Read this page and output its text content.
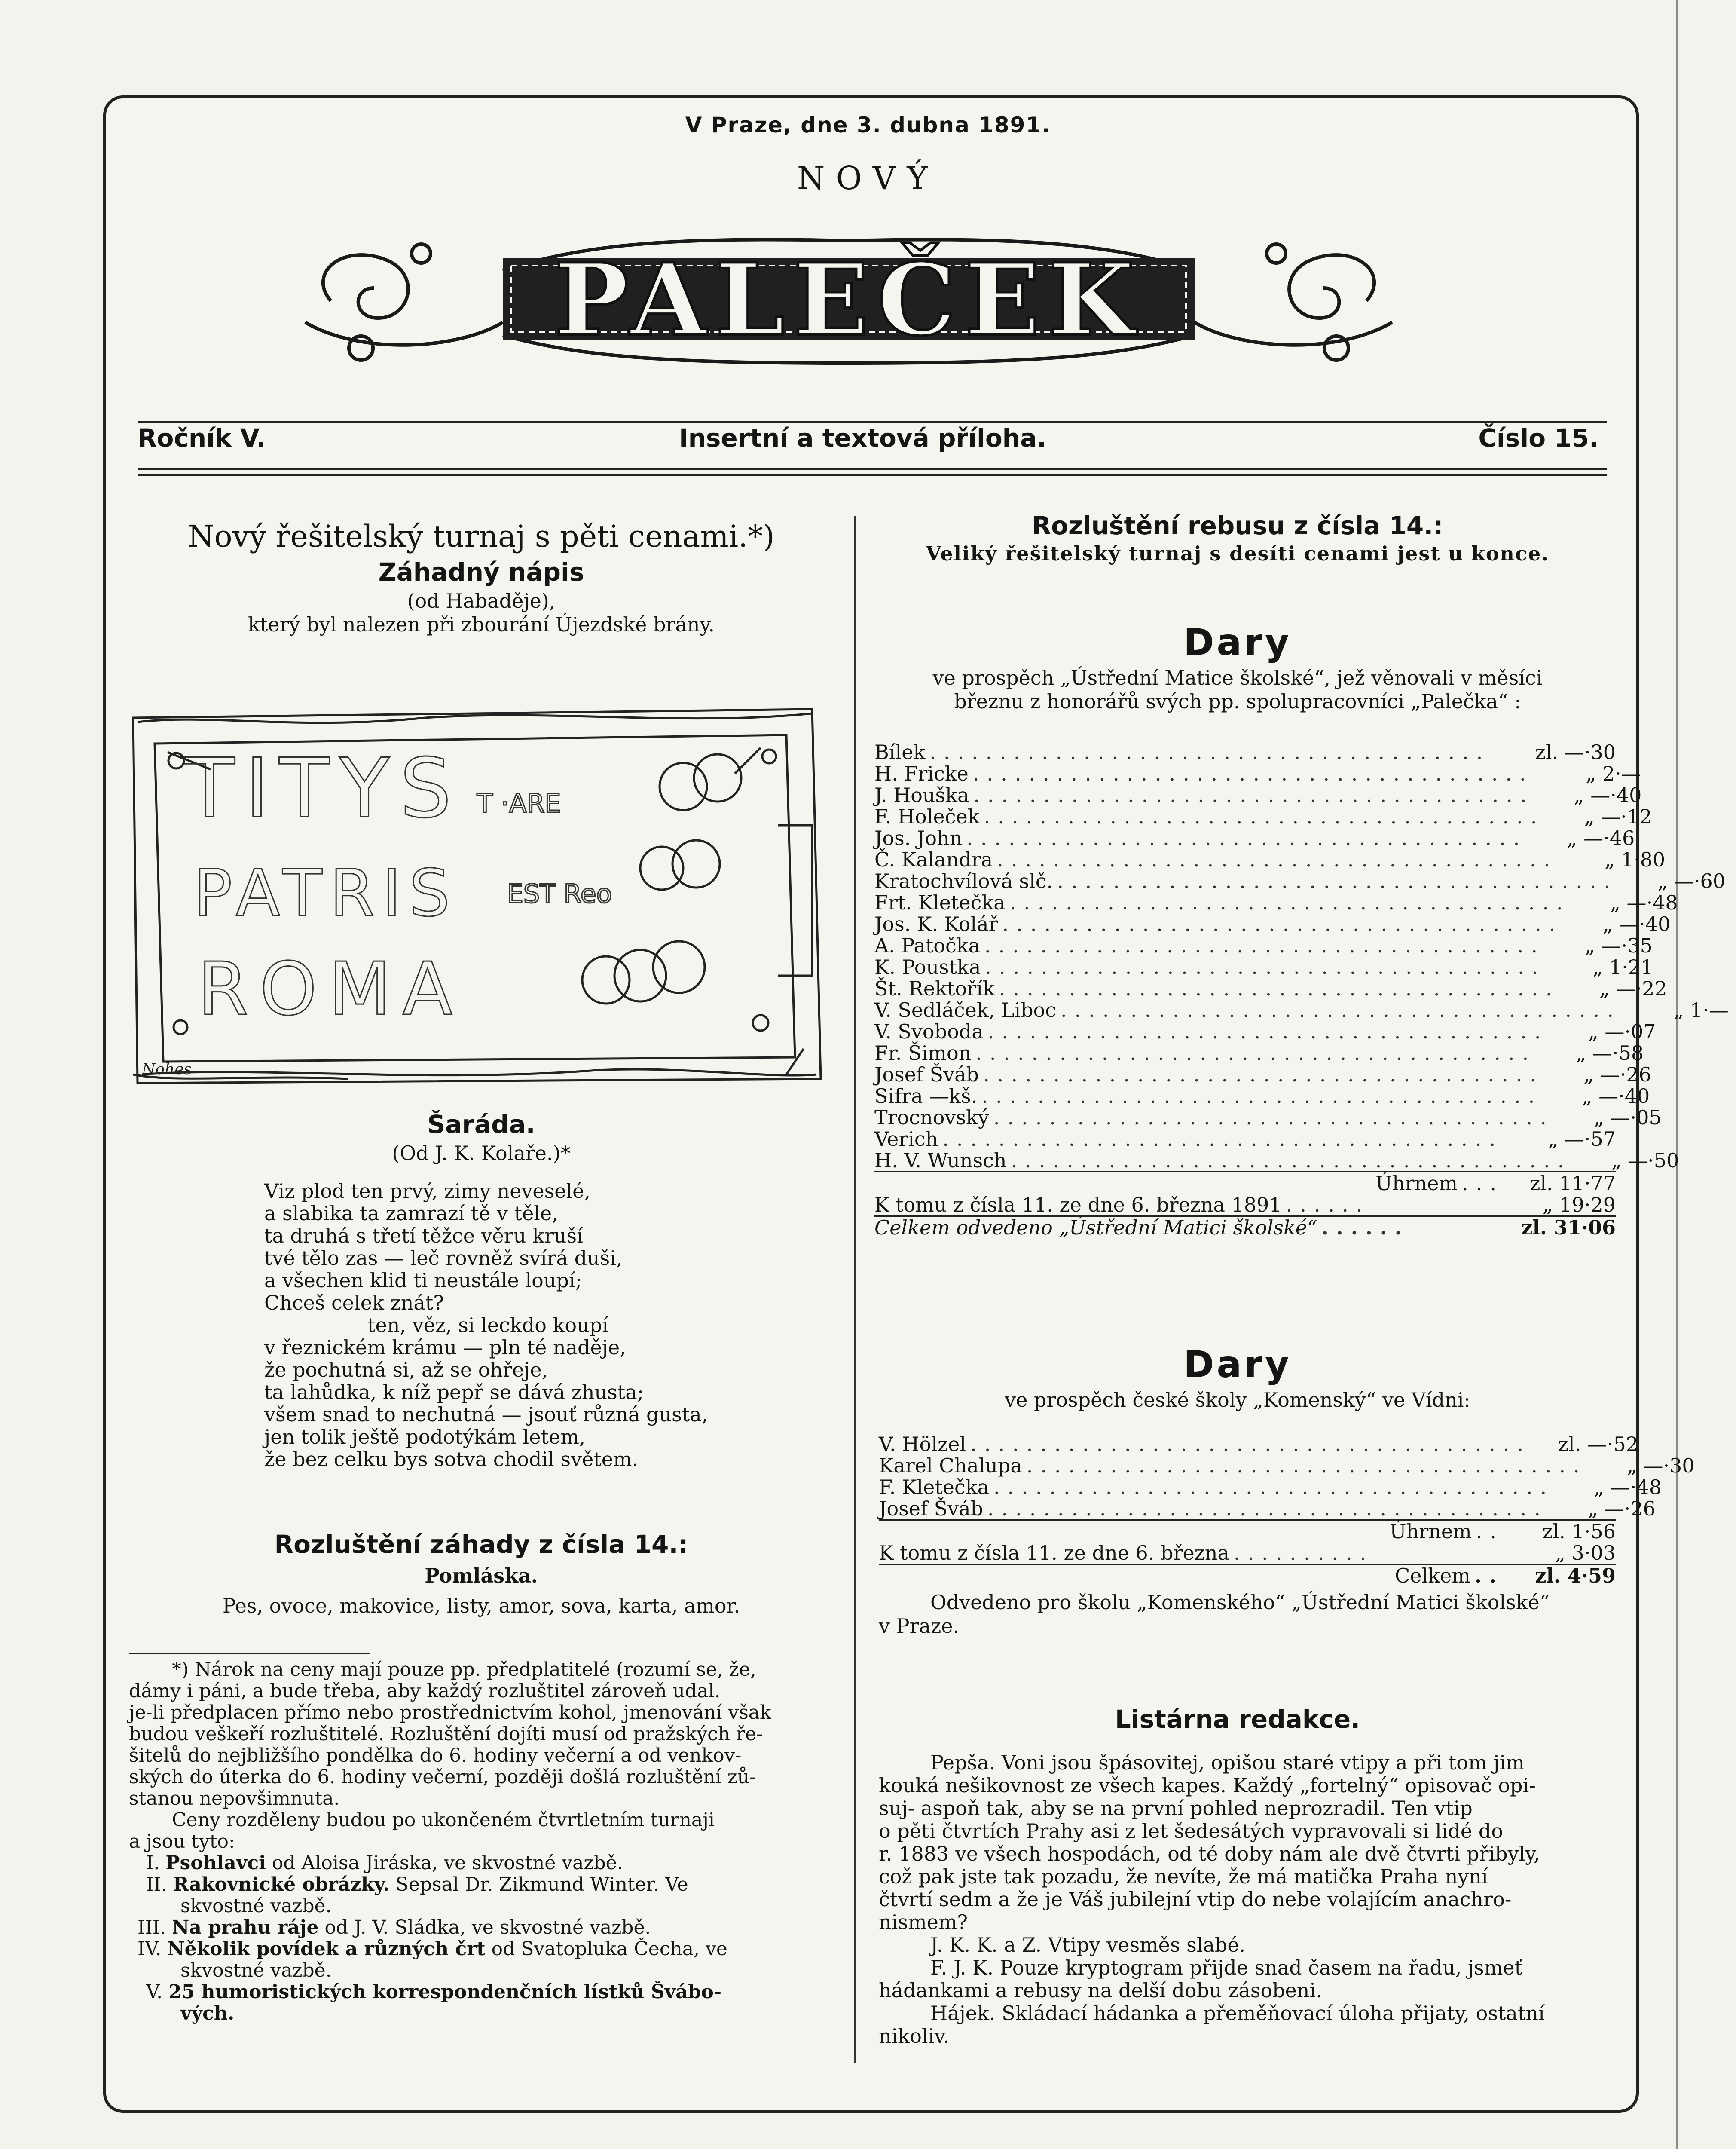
V Praze, dne 3. dubna 1891.
NOVÝ
PALEČEK
Ročník V.	Insertní a textová příloha.	Číslo 15.

Nový řešitelský turnaj s pěti cenami.*)

Záhadný nápis

(od Habaděje),

který byl nalezen při zbourání Újezdské brány.

TITYS T ·ARE
PATRIS EST Reo
ROMA
Nohes

Šaráda.

(Od J. K. Kolaře.)*

Viz plod ten prvý, zimy neveselé,

a slabika ta zamrazí tě v těle,

ta druhá s třetí těžce věru kruší

tvé tělo zas — leč rovněž svírá duši,

a všechen klid ti neustále loupí;

Chceš celek znát?

ten, věz, si leckdo koupí

v řeznickém krámu — pln té naděje,

že pochutná si, až se ohřeje,

ta lahůdka, k níž pepř se dává zhusta;

všem snad to nechutná — jsouť různá gusta,

jen tolik ještě podotýkám letem,

že bez celku bys sotva chodil světem.

Rozluštění záhady z čísla 14.:

Pomláska.

Pes, ovoce, makovice, listy, amor, sova, karta, amor.

*) Nárok na ceny mají pouze pp. předplatitelé (rozumí se, že,

dámy i páni, a bude třeba, aby každý rozluštitel zároveň udal.

je-li předplacen přímo nebo prostřednictvím kohol, jmenování však

budou veškeří rozluštitelé. Rozluštění dojíti musí od pražských ře-

šitelů do nejbližšího pondělka do 6. hodiny večerní a od venkov-

ských do úterka do 6. hodiny večerní, později došlá rozluštění zů-

stanou nepovšimnuta.

Ceny rozděleny budou po ukončeném čtvrtletním turnaji

a jsou tyto:

I. Psohlavci od Aloisa Jiráska, ve skvostné vazbě.

II. Rakovnické obrázky. Sepsal Dr. Zikmund Winter. Ve

skvostné vazbě.

III. Na prahu ráje od J. V. Sládka, ve skvostné vazbě.

IV. Několik povídek a různých črt od Svatopluka Čecha, ve

skvostné vazbě.

V. 25 humoristických korrespondenčních lístků Švábo-

vých.

Rozluštění rebusu z čísla 14.:

Veliký řešitelský turnaj s desíti cenami jest u konce.

Dary

ve prospěch „Ústřední Matice školské“, jež věnovali v měsíci

březnu z honorářů svých pp. spolupracovníci „Palečka“ :

Bílek ........................................	zl. —·30
H. Fricke ........................................	„ 2·—
J. Houška ........................................	„ —·40
F. Holeček ........................................	„ —·12
Jos. John ........................................	„ —·46
Č. Kalandra ........................................	„ 1·80
Kratochvílová slč. ........................................	„ —·60
Frt. Kletečka ........................................	„ —·48
Jos. K. Kolář ........................................	„ —·40
A. Patočka ........................................	„ —·35
K. Poustka ........................................	„ 1·21
Št. Rektořík ........................................	„ —·22
V. Sedláček, Liboc ........................................	„ 1·—
V. Svoboda ........................................	„ —·07
Fr. Šimon ........................................	„ —·58
Josef Šváb ........................................	„ —·26
Sifra —kš. ........................................	„ —·40
Trocnovský ........................................	„ —·05
Verich ........................................	„ —·57
H. V. Wunsch ........................................	„ —·50
Úhrnem ...	zl. 11·77
K tomu z čísla 11. ze dne 6. března 1891 ......	„ 19·29
Celkem odvedeno „Ústřední Matici školské“ ......	zl. 31·06

Dary

ve prospěch české školy „Komenský“ ve Vídni:

V. Hölzel ........................................	zl. —·52
Karel Chalupa ........................................	„ —·30
F. Kletečka ........................................	„ —·48
Josef Šváb ........................................	„ —·26
Úhrnem ..	zl. 1·56
K tomu z čísla 11. ze dne 6. března ..........	„ 3·03
Celkem ..	zl. 4·59

Odvedeno pro školu „Komenského“ „Ústřední Matici školské“

v Praze.

Listárna redakce.

Pepša. Voni jsou špásovitej, opišou staré vtipy a při tom jim

kouká nešikovnost ze všech kapes. Každý „fortelný“ opisovač opi-

suj- aspoň tak, aby se na první pohled neprozradil. Ten vtip

o pěti čtvrtích Prahy asi z let šedesátých vypravovali si lidé do

r. 1883 ve všech hospodách, od té doby nám ale dvě čtvrti přibyly,

což pak jste tak pozadu, že nevíte, že má matička Praha nyní

čtvrtí sedm a že je Váš jubilejní vtip do nebe volajícím anachro-

nismem?

J. K. K. a Z. Vtipy vesměs slabé.

F. J. K. Pouze kryptogram přijde snad časem na řadu, jsmeť

hádankami a rebusy na delší dobu zásobeni.

Hájek. Skládací hádanka a přeměňovací úloha přijaty, ostatní

nikoliv.
